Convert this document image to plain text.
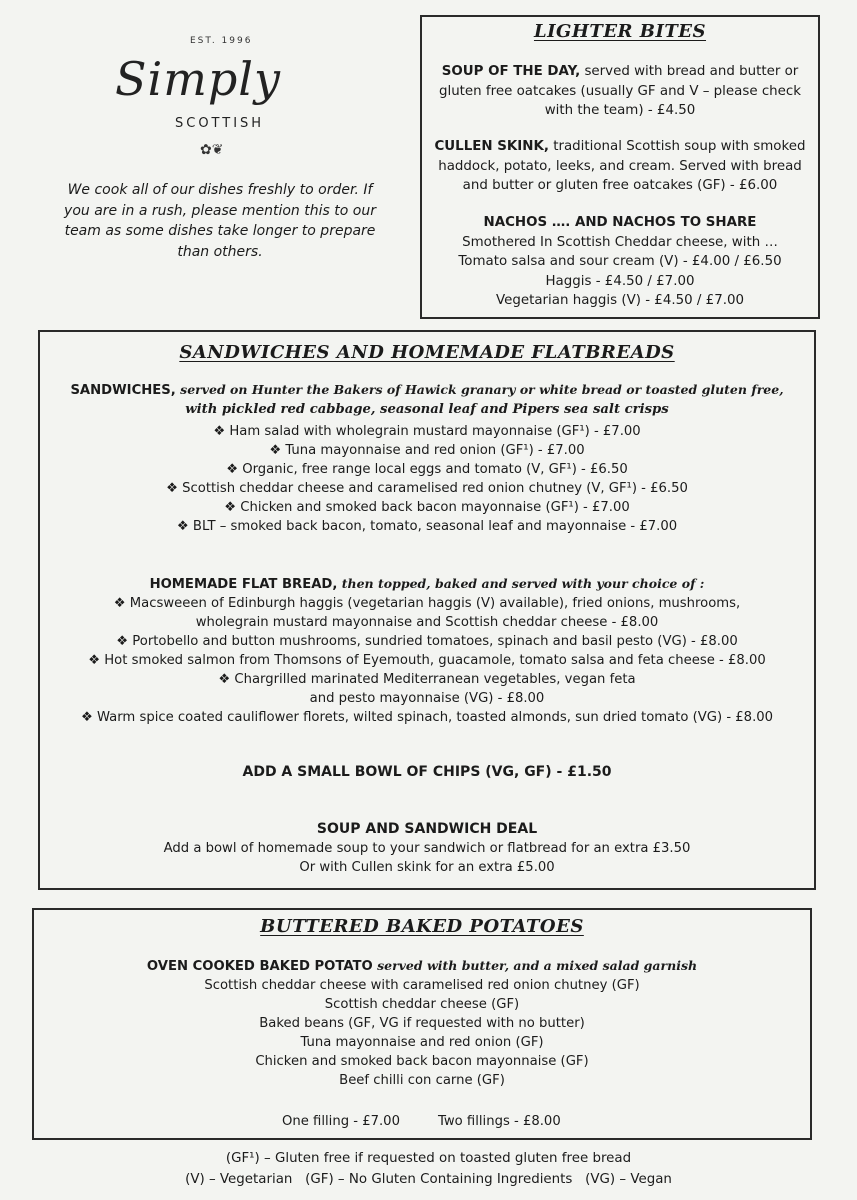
EST. 1996
Simply
SCOTTISH
✿❦
We cook all of our dishes freshly to order. If you are in a rush, please mention this to our team as some dishes take longer to prepare than others.
LIGHTER BITES
SOUP OF THE DAY, served with bread and butter or gluten free oatcakes (usually GF and V – please check with the team) - £4.50
CULLEN SKINK, traditional Scottish soup with smoked haddock, potato, leeks, and cream. Served with bread and butter or gluten free oatcakes (GF) - £6.00
NACHOS …. AND NACHOS TO SHARE
Smothered In Scottish Cheddar cheese, with …
Tomato salsa and sour cream (V) - £4.00 / £6.50
Haggis - £4.50 / £7.00
Vegetarian haggis (V) - £4.50 / £7.00
SANDWICHES AND HOMEMADE FLATBREADS
SANDWICHES, served on Hunter the Bakers of Hawick granary or white bread or toasted gluten free,
with pickled red cabbage, seasonal leaf and Pipers sea salt crisps
❖ Ham salad with wholegrain mustard mayonnaise (GF¹) - £7.00
❖ Tuna mayonnaise and red onion (GF¹) - £7.00
❖ Organic, free range local eggs and tomato (V, GF¹) - £6.50
❖ Scottish cheddar cheese and caramelised red onion chutney (V, GF¹) - £6.50
❖ Chicken and smoked back bacon mayonnaise (GF¹) - £7.00
❖ BLT – smoked back bacon, tomato, seasonal leaf and mayonnaise - £7.00
HOMEMADE FLAT BREAD, then topped, baked and served with your choice of :
❖ Macsweeen of Edinburgh haggis (vegetarian haggis (V) available), fried onions, mushrooms,
wholegrain mustard mayonnaise and Scottish cheddar cheese - £8.00
❖ Portobello and button mushrooms, sundried tomatoes, spinach and basil pesto (VG) - £8.00
❖ Hot smoked salmon from Thomsons of Eyemouth, guacamole, tomato salsa and feta cheese - £8.00
❖ Chargrilled marinated Mediterranean vegetables, vegan feta
and pesto mayonnaise (VG) - £8.00
❖ Warm spice coated cauliflower florets, wilted spinach, toasted almonds, sun dried tomato (VG) - £8.00
ADD A SMALL BOWL OF CHIPS (VG, GF) - £1.50
SOUP AND SANDWICH DEAL
Add a bowl of homemade soup to your sandwich or flatbread for an extra £3.50
Or with Cullen skink for an extra £5.00
BUTTERED BAKED POTATOES
OVEN COOKED BAKED POTATO served with butter, and a mixed salad garnish
Scottish cheddar cheese with caramelised red onion chutney (GF)
Scottish cheddar cheese (GF)
Baked beans (GF, VG if requested with no butter)
Tuna mayonnaise and red onion (GF)
Chicken and smoked back bacon mayonnaise (GF)
Beef chilli con carne (GF)
One filling - £7.00	Two fillings - £8.00
(GF¹) – Gluten free if requested on toasted gluten free bread
(V) – Vegetarian   (GF) – No Gluten Containing Ingredients   (VG) – Vegan
